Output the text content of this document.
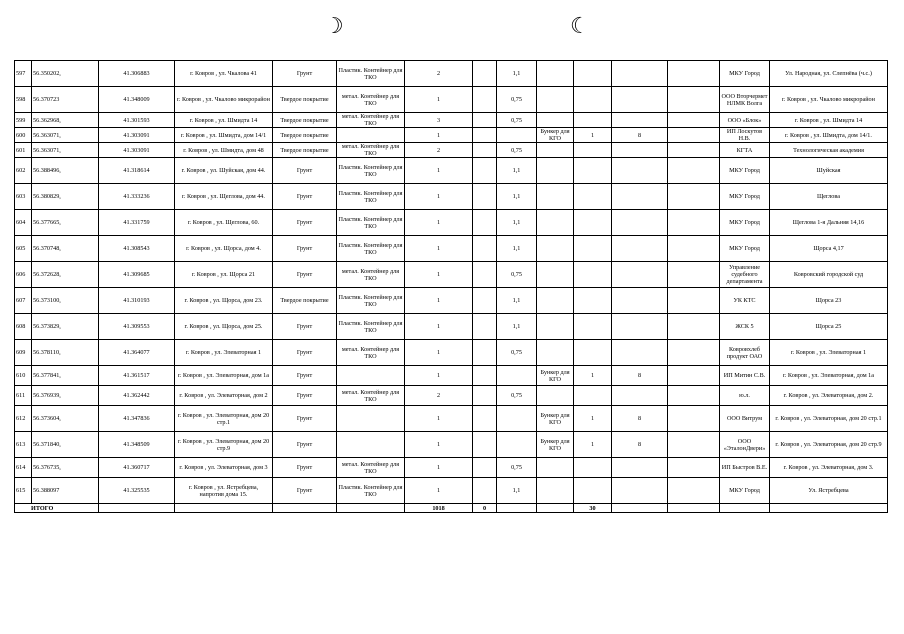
☽	☾
597	56.350202,	41.306883	г. Ковров , ул. Чкалова 41	Грунт	Пластик. Контейнер для ТКО	2		1,1					МКУ Город	Ул. Народная, ул. Слепнёва (ч.с.)
598	56.370723	41.348009	г. Ковров , ул. Чкалово микрорайон	Твердое покрытие	метал. Контейнер для ТКО	1		0,75					ООО Вторчермет НЛМК Волга	г. Ковров , ул. Чкалово микрорайон
599	56.362968,	41.301593	г. Ковров , ул. Шмидта 14	Твердое покрытие	метал. Контейнер для ТКО	3		0,75					ООО «Блок»	г. Ковров , ул. Шмидта 14
600	56.363071,	41.303091	г. Ковров , ул. Шмидта, дом 14/1	Твердое покрытие		1			Бункер для КГО	1	8		ИП Лоскутов Н.В.	г. Ковров , ул. Шмидта, дом 14/1.
601	56.363071,	41.303091	г. Ковров , ул. Шмидта, дом 48	Твердое покрытие	метал. Контейнер для ТКО	2		0,75					КГТА	Технологическая академия
602	56.388496,	41.318614	г. Ковров , ул. Шуйская, дом 44.	Грунт	Пластик. Контейнер для ТКО	1		1,1					МКУ Город	Шуйская
603	56.380829,	41.333236	г. Ковров , ул. Щеглова, дом 44.	Грунт	Пластик. Контейнер для ТКО	1		1,1					МКУ Город	Щеглова
604	56.377665,	41.331759	г. Ковров , ул. Щеглова, 60.	Грунт	Пластик. Контейнер для ТКО	1		1,1					МКУ Город	Щеглова 1-я Дальняя 14,16
605	56.370748,	41.308543	г. Ковров , ул. Щорса, дом 4.	Грунт	Пластик. Контейнер для ТКО	1		1,1					МКУ Город	Щорса 4,17
606	56.372628,	41.309685	г. Ковров , ул. Щорса 21	Грунт	метал. Контейнер для ТКО	1		0,75					Управление судебного департамента	Ковровский городской суд
607	56.373100,	41.310193	г. Ковров , ул. Щорса, дом 23.	Твердое покрытие	Пластик. Контейнер для ТКО	1		1,1					УК КТС	Щорса 23
608	56.373829,	41.309553	г. Ковров , ул. Щорса, дом 25.	Грунт	Пластик. Контейнер для ТКО	1		1,1					ЖСК 5	Щорса 25
609	56.378110,	41.364077	г. Ковров , ул. Элеваторная 1	Грунт	метал. Контейнер для ТКО	1		0,75					Ковровхлеб продукт ОАО	г. Ковров , ул. Элеваторная 1
610	56.377841,	41.361517	г. Ковров , ул. Элеваторная, дом 1а	Грунт		1			Бункер для КГО	1	8		ИП Митин С.В.	г. Ковров , ул. Элеваторная, дом 1а
611	56.376939,	41.362442	г. Ковров , ул. Элеваторная, дом 2	Грунт	метал. Контейнер для ТКО	2		0,75					ю.л.	г. Ковров , ул. Элеваторная, дом 2.
612	56.373604,	41.347836	г. Ковров , ул. Элеваторная, дом 20 стр.1	Грунт		1			Бункер для КГО	1	8		ООО Витрум	г. Ковров , ул. Элеваторная, дом 20 стр.1
613	56.371840,	41.348509	г. Ковров , ул. Элеваторная, дом 20 стр.9	Грунт		1			Бункер для КГО	1	8		ООО «ЭталонДвери»	г. Ковров , ул. Элеваторная, дом 20 стр.9
614	56.376735,	41.360717	г. Ковров , ул. Элеваторная, дом 3	Грунт	метал. Контейнер для ТКО	1		0,75					ИП Быстров В.Е.	г. Ковров , ул. Элеваторная, дом 3.
615	56.388097	41.325535	г. Ковров , ул. Ястребцева, напротив дома 15.	Грунт	Пластик. Контейнер для ТКО	1		1,1					МКУ Город	Ул. Ястребцева
ИТОГО						1018	0			30				
